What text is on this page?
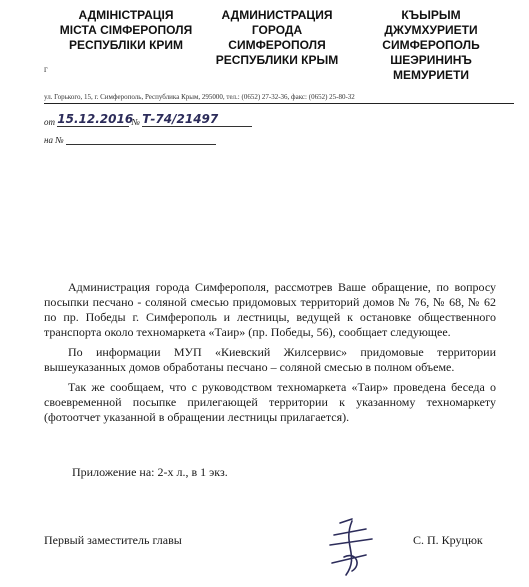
АДМІНІСТРАЦІЯ
МІСТА СІМФЕРОПОЛЯ
РЕСПУБЛІКИ КРИМ
АДМИНИСТРАЦИЯ
ГОРОДА
СИМФЕРОПОЛЯ
РЕСПУБЛИКИ КРЫМ
КЪЫРЫМ
ДЖУМХУРИЕТИ
СИМФЕРОПОЛЬ
ШЕЭРИНИНЪ
МЕМУРИЕТИ
г
ул. Горького, 15, г. Симферополь, Республика Крым, 295000, тел.: (0652) 27-32-36, факс: (0652) 25-80-32
от 15.12.2016 № Т-74/21497
на №

Администрация города Симферополя, рассмотрев Ваше обращение, по вопросу посыпки песчано - соляной смесью придомовых территорий домов № 76, № 68, № 62 по пр. Победы г. Симферополь и лестницы, ведущей к остановке общественного транспорта около техномаркета «Таир» (пр. Победы, 56), сообщает следующее.

По информации МУП «Киевский Жилсервис» придомовые территории вышеуказанных домов обработаны песчано – соляной смесью в полном объеме.

Так же сообщаем, что с руководством техномаркета «Таир» проведена беседа о своевременной посыпке прилегающей территории к указанному техномаркету (фотоотчет указанной в обращении лестницы прилагается).

Приложение на: 2-х л., в 1 экз.
Первый заместитель главы	С. П. Круцюк
